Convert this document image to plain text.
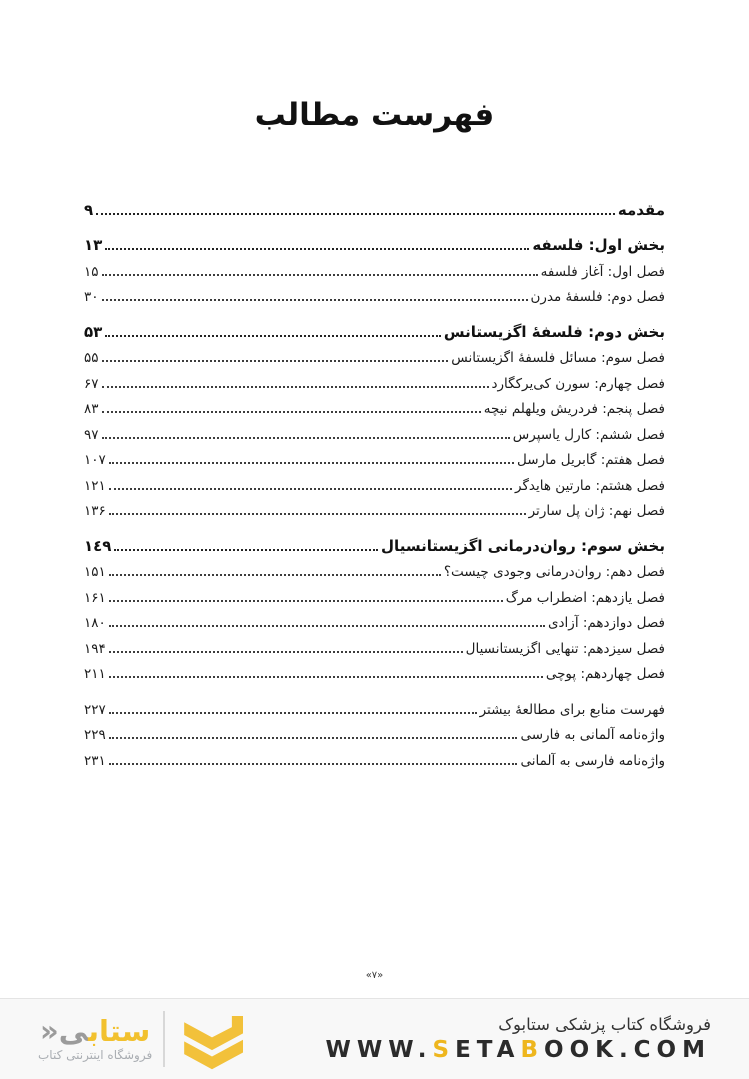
فهرست مطالب
مقدمه
۹
بخش اول: فلسفه
۱۳
فصل اول: آغاز فلسفه
۱۵
فصل دوم: فلسفهٔ مدرن
۳۰
بخش دوم: فلسفهٔ اگزیستانس
۵۳
فصل سوم: مسائل فلسفهٔ اگزیستانس
۵۵
فصل چهارم: سورن کی‌یرکگارد
۶۷
فصل پنجم: فردریش ویلهلم نیچه
۸۳
فصل ششم: کارل یاسپرس
۹۷
فصل هفتم: گابریل مارسل
۱۰۷
فصل هشتم: مارتین هایدگر
۱۲۱
فصل نهم: ژان پل سارتر
۱۳۶
بخش سوم: روان‌درمانی اگزیستانسیال
۱٤۹
فصل دهم: روان‌درمانی وجودی چیست؟
۱۵۱
فصل یازدهم: اضطراب مرگ
۱۶۱
فصل دوازدهم: آزادی
۱۸۰
فصل سیزدهم: تنهایی اگزیستانسیال
۱۹۴
فصل چهاردهم: پوچی
۲۱۱
فهرست منابع برای مطالعهٔ بیشتر
۲۲۷
واژه‌نامه آلمانی به فارسی
۲۲۹
واژه‌نامه فارسی به آلمانی
۲۳۱
«۷»
فروشگاه کتاب پزشکی ستابوک
WWW.SETABOOK.COM
ستابی«
فروشگاه اینترنتی کتاب
